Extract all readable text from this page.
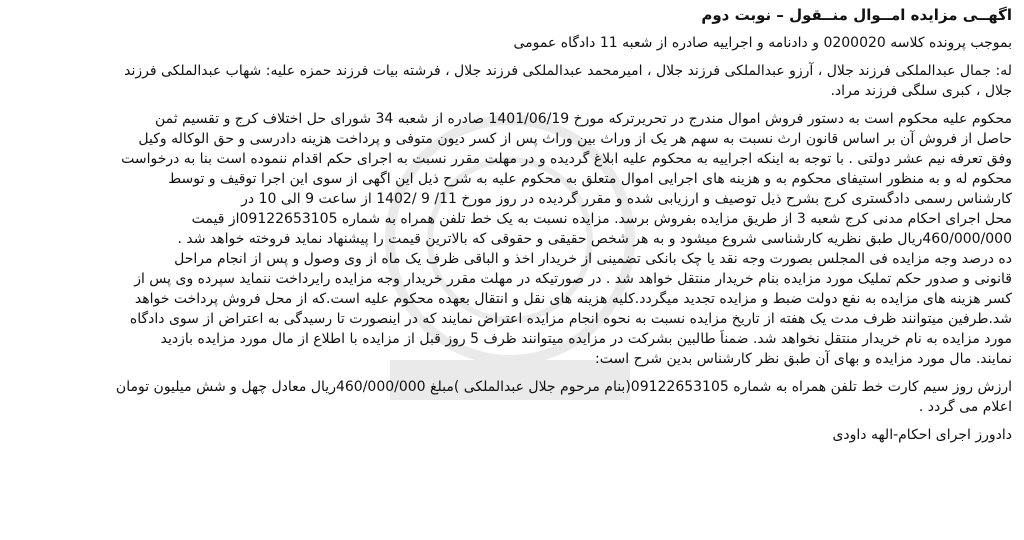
اگهــی مزایده امــوال منــقول – نوبت دوم
بموجب پرونده کلاسه 0200020 و دادنامه و اجراییه صادره از شعبه 11 دادگاه عمومی
له: جمال عبدالملکی فرزند جلال ، آرزو عبدالملکی فرزند جلال ، امیرمحمد عبدالملکی فرزند جلال ، فرشته بیات فرزند حمزه علیه: شهاب عبدالملکی فرزند
جلال ، کبری سلگی فرزند مراد.
محکوم علیه محکوم است به دستور فروش اموال مندرج در تحریرترکه مورخ 1401/06/19 صادره از شعبه 34 شورای حل اختلاف کرج و تقسیم ثمن
حاصل از فروش آن بر اساس قانون ارث نسبت به سهم هر یک از وراث بین وراث پس از کسر دیون متوفی و پرداخت هزینه دادرسی و حق الوکاله وکیل
وفق تعرفه نیم عشر دولتی . با توجه به اینکه اجراییه به محکوم علیه ابلاغ گردیده و در مهلت مقرر نسبت به اجرای حکم اقدام ننموده است بنا به درخواست
محکوم له و به منظور استیفای محکوم به و هزینه های اجرایی اموال متعلق به محکوم علیه به شرح ذیل این اگهی از سوی این اجرا توقیف و توسط
کارشناس رسمی دادگستری کرج بشرح ذیل توصیف و ارزیابی شده و مقرر گردیده در روز مورخ 11/ 9 /1402 از ساعت 9 الی 10 در
محل اجرای احکام مدنی کرج شعبه 3 از طریق مزایده بفروش برسد. مزایده نسبت به یک خط تلفن همراه به شماره 09122653105از قیمت
460/000/000ریال طبق نظریه کارشناسی شروع میشود و به هر شخص حقیقی و حقوقی که بالاترین قیمت را پیشنهاد نماید فروخته خواهد شد .
ده درصد وجه مزایده فی المجلس بصورت وجه نقد یا چک بانکی تضمینی از خریدار اخذ و الباقی ظرف یک ماه از وی وصول و پس از انجام مراحل
قانونی و صدور حکم تملیک مورد مزایده بنام خریدار منتقل خواهد شد . در صورتیکه در مهلت مقرر خریدار وجه مزایده رایرداخت ننماید سپرده وی پس از
کسر هزینه های مزایده به نفع دولت ضبط و مزایده تجدید میگردد.کلیه هزینه های نقل و انتقال بعهده محکوم علیه است.که از محل فروش پرداخت خواهد
شد.طرفین میتوانند ظرف مدت یک هفته از تاریخ مزایده نسبت به نحوه انجام مزایده اعتراض نمایند که در اینصورت تا رسیدگی به اعتراض از سوی دادگاه
مورد مزایده به نام خریدار منتقل نخواهد شد. ضمناً طالبین بشرکت در مزایده میتوانند ظرف 5 روز قبل از مزایده با اطلاع از مال مورد مزایده بازدید
نمایند. مال مورد مزایده و بهای آن طبق نظر کارشناس بدین شرح است:
ارزش روز سیم کارت خط تلفن همراه به شماره 09122653105(بنام مرحوم جلال عبدالملکی )مبلغ 460/000/000ریال معادل چهل و شش میلیون تومان
اعلام می گردد .
دادورز اجرای احکام-الهه داودی
